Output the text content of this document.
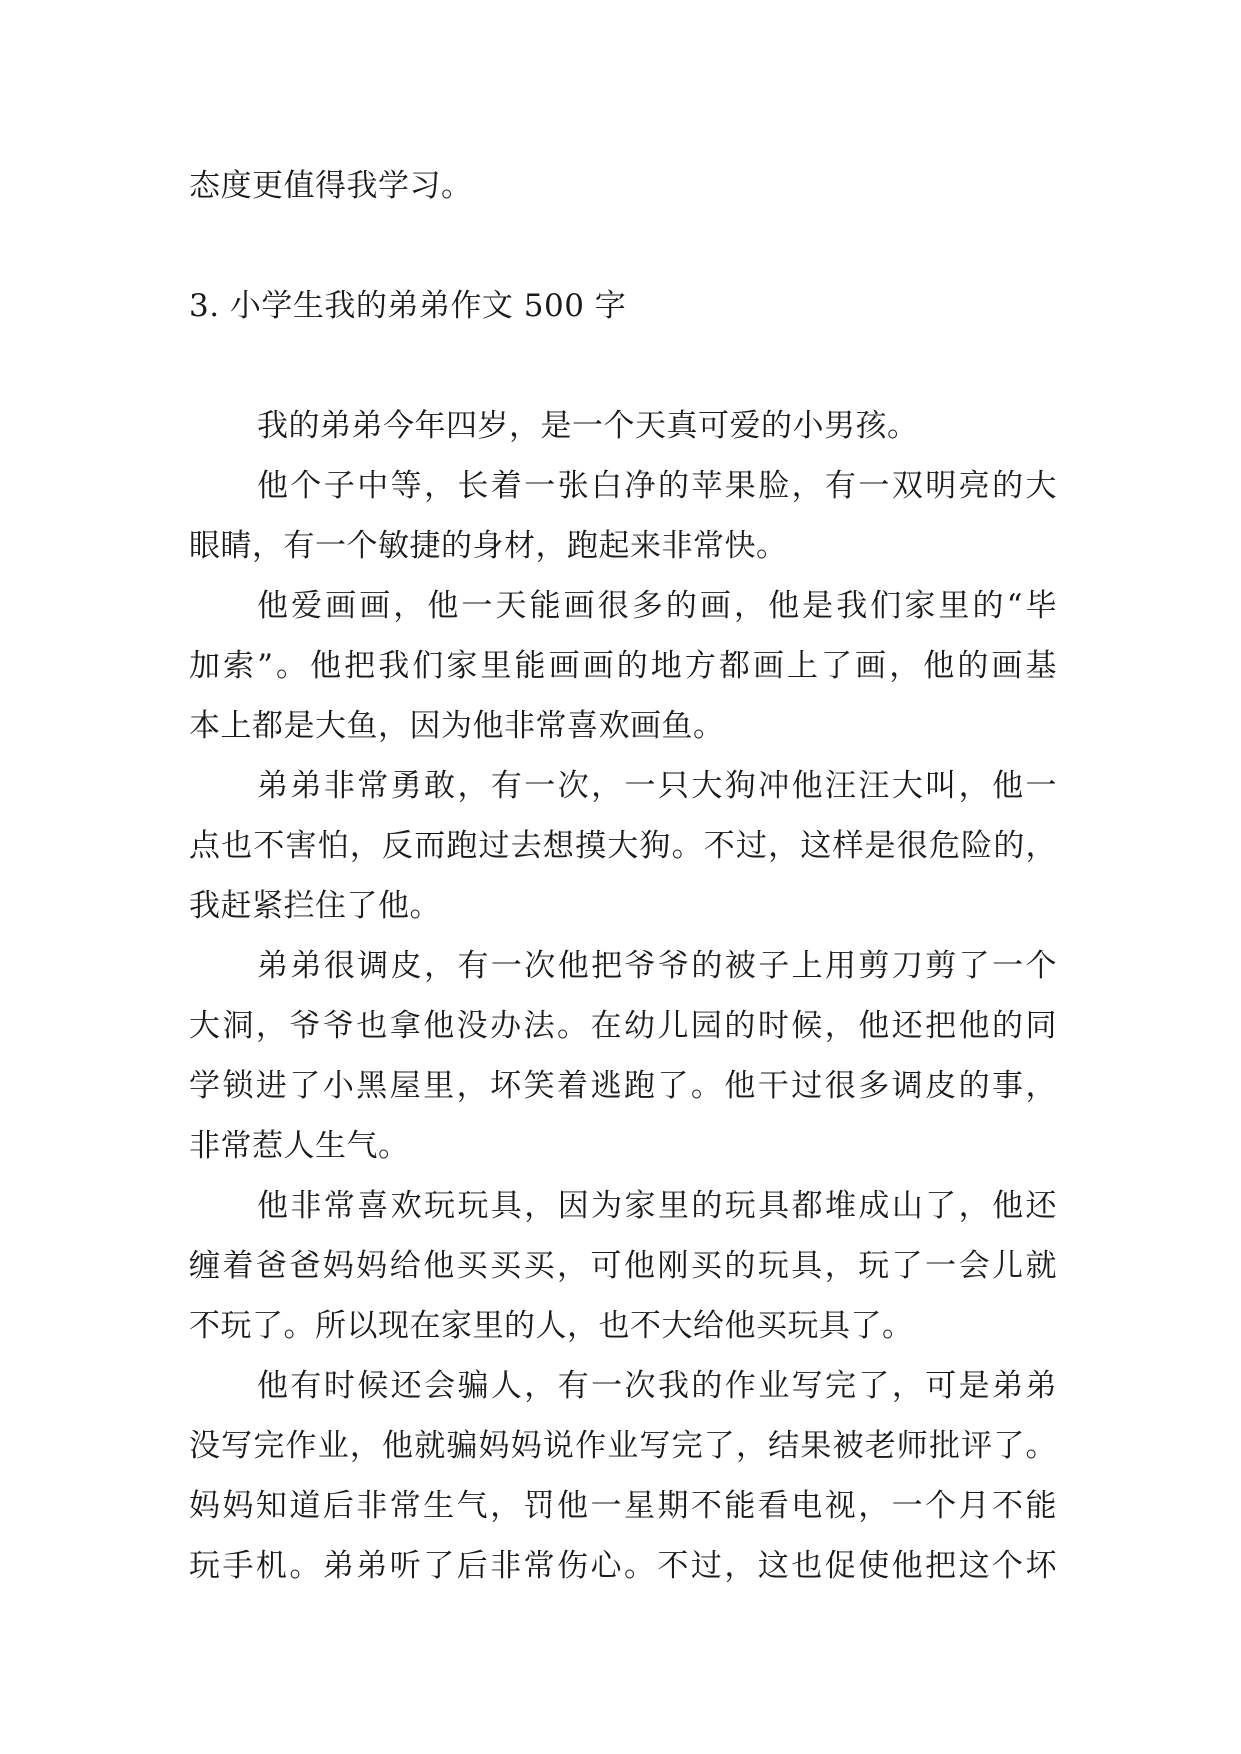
态度更值得我学习。
3. 小学生我的弟弟作文 500 字
我的弟弟今年四岁，是一个天真可爱的小男孩。
他个子中等，长着一张白净的苹果脸，有一双明亮的大
眼睛，有一个敏捷的身材，跑起来非常快。
他爱画画，他一天能画很多的画，他是我们家里的“毕
加索”。他把我们家里能画画的地方都画上了画，他的画基
本上都是大鱼，因为他非常喜欢画鱼。
弟弟非常勇敢，有一次，一只大狗冲他汪汪大叫，他一
点也不害怕，反而跑过去想摸大狗。不过，这样是很危险的，
我赶紧拦住了他。
弟弟很调皮，有一次他把爷爷的被子上用剪刀剪了一个
大洞，爷爷也拿他没办法。在幼儿园的时候，他还把他的同
学锁进了小黑屋里，坏笑着逃跑了。他干过很多调皮的事，
非常惹人生气。
他非常喜欢玩玩具，因为家里的玩具都堆成山了，他还
缠着爸爸妈妈给他买买买，可他刚买的玩具，玩了一会儿就
不玩了。所以现在家里的人，也不大给他买玩具了。
他有时候还会骗人，有一次我的作业写完了，可是弟弟
没写完作业，他就骗妈妈说作业写完了，结果被老师批评了。
妈妈知道后非常生气，罚他一星期不能看电视，一个月不能
玩手机。弟弟听了后非常伤心。不过，这也促使他把这个坏
